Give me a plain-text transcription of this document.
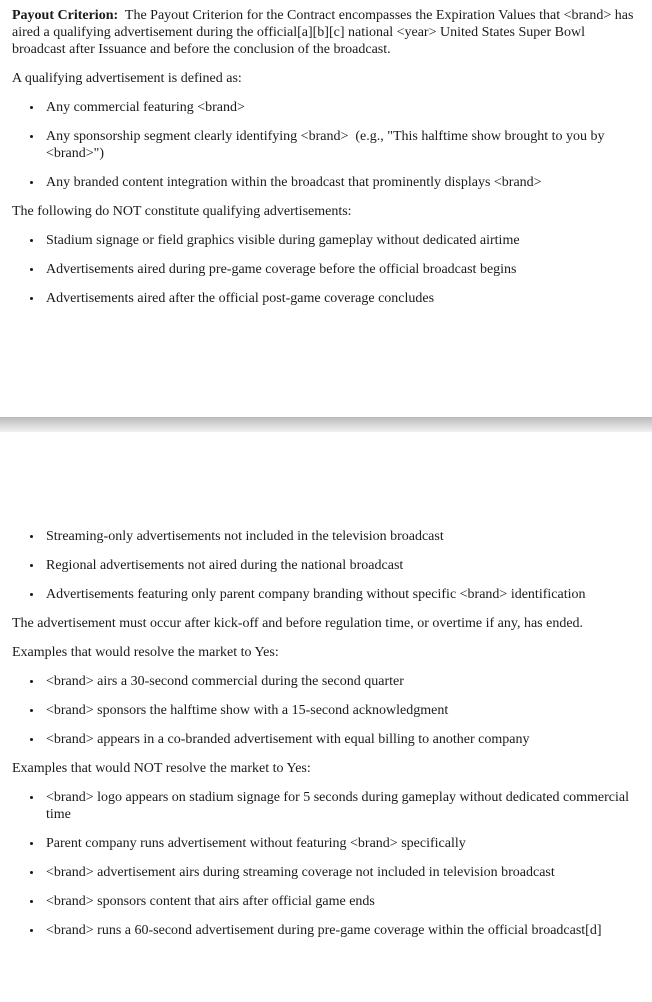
Payout Criterion:  The Payout Criterion for the Contract encompasses the Expiration Values that <brand> has aired a qualifying advertisement during the official[a][b][c] national <year> United States Super Bowl broadcast after Issuance and before the conclusion of the broadcast.

A qualifying advertisement is defined as:

• Any commercial featuring <brand>
• Any sponsorship segment clearly identifying <brand>  (e.g., "This halftime show brought to you by <brand>")
• Any branded content integration within the broadcast that prominently displays <brand>

The following do NOT constitute qualifying advertisements:

• Stadium signage or field graphics visible during gameplay without dedicated airtime
• Advertisements aired during pre-game coverage before the official broadcast begins
• Advertisements aired after the official post-game coverage concludes
• Streaming-only advertisements not included in the television broadcast
• Regional advertisements not aired during the national broadcast
• Advertisements featuring only parent company branding without specific <brand> identification

The advertisement must occur after kick-off and before regulation time, or overtime if any, has ended.

Examples that would resolve the market to Yes:

• <brand> airs a 30-second commercial during the second quarter
• <brand> sponsors the halftime show with a 15-second acknowledgment
• <brand> appears in a co-branded advertisement with equal billing to another company

Examples that would NOT resolve the market to Yes:

• <brand> logo appears on stadium signage for 5 seconds during gameplay without dedicated commercial time
• Parent company runs advertisement without featuring <brand> specifically
• <brand> advertisement airs during streaming coverage not included in television broadcast
• <brand> sponsors content that airs after official game ends
• <brand> runs a 60-second advertisement during pre-game coverage within the official broadcast[d]
